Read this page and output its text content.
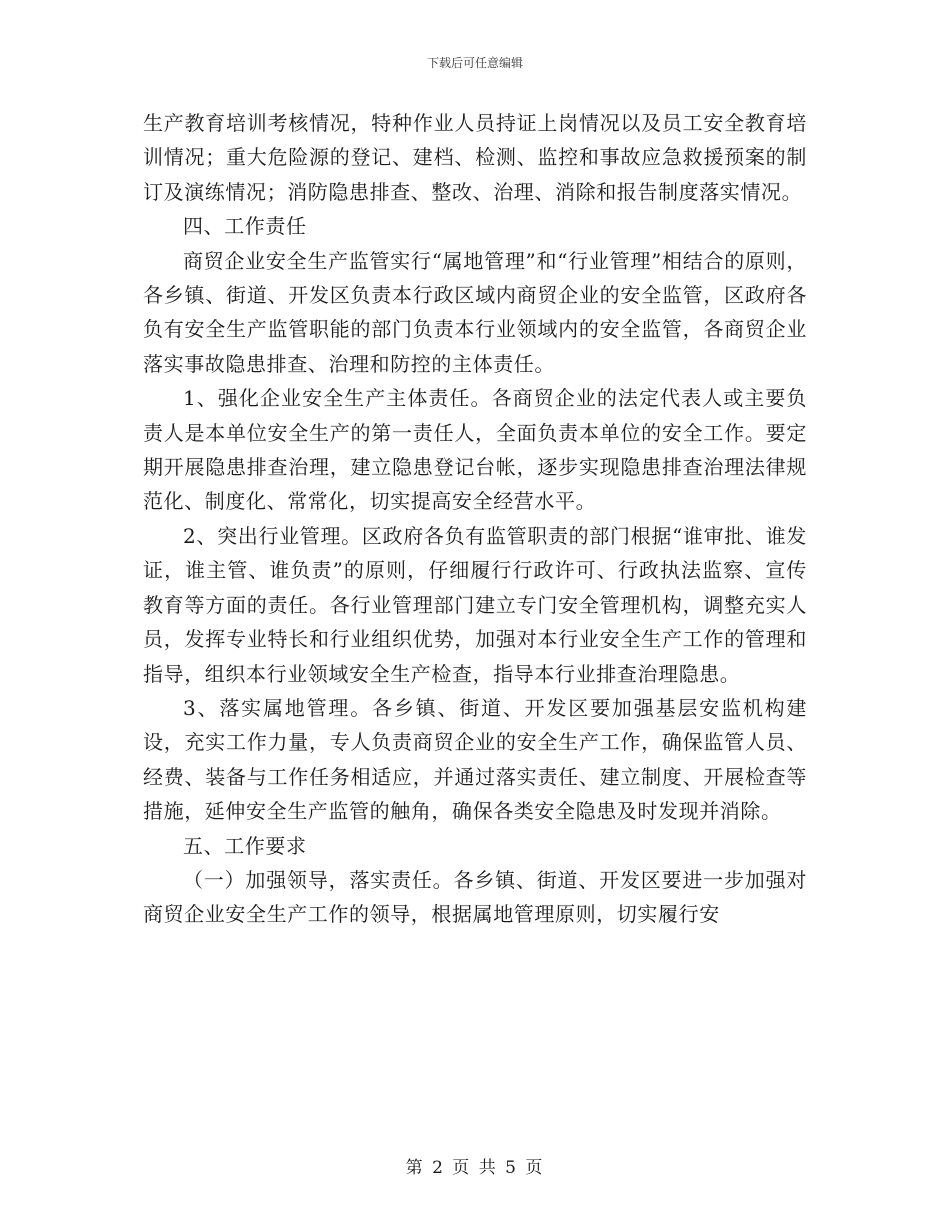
下载后可任意编辑

生产教育培训考核情况，特种作业人员持证上岗情况以及员工安全教育培训情况；重大危险源的登记、建档、检测、监控和事故应急救援预案的制订及演练情况；消防隐患排查、整改、治理、消除和报告制度落实情况。

四、工作责任

商贸企业安全生产监管实行“属地管理”和“行业管理”相结合的原则，各乡镇、街道、开发区负责本行政区域内商贸企业的安全监管，区政府各负有安全生产监管职能的部门负责本行业领域内的安全监管，各商贸企业落实事故隐患排查、治理和防控的主体责任。

1、强化企业安全生产主体责任。各商贸企业的法定代表人或主要负责人是本单位安全生产的第一责任人，全面负责本单位的安全工作。要定期开展隐患排查治理，建立隐患登记台帐，逐步实现隐患排查治理法律规范化、制度化、常常化，切实提高安全经营水平。

2、突出行业管理。区政府各负有监管职责的部门根据“谁审批、谁发证，谁主管、谁负责”的原则，仔细履行行政许可、行政执法监察、宣传教育等方面的责任。各行业管理部门建立专门安全管理机构，调整充实人员，发挥专业特长和行业组织优势，加强对本行业安全生产工作的管理和指导，组织本行业领域安全生产检查，指导本行业排查治理隐患。

3、落实属地管理。各乡镇、街道、开发区要加强基层安监机构建设，充实工作力量，专人负责商贸企业的安全生产工作，确保监管人员、经费、装备与工作任务相适应，并通过落实责任、建立制度、开展检查等措施，延伸安全生产监管的触角，确保各类安全隐患及时发现并消除。

五、工作要求

（一）加强领导，落实责任。各乡镇、街道、开发区要进一步加强对商贸企业安全生产工作的领导，根据属地管理原则，切实履行安

第 2 页 共 5 页
